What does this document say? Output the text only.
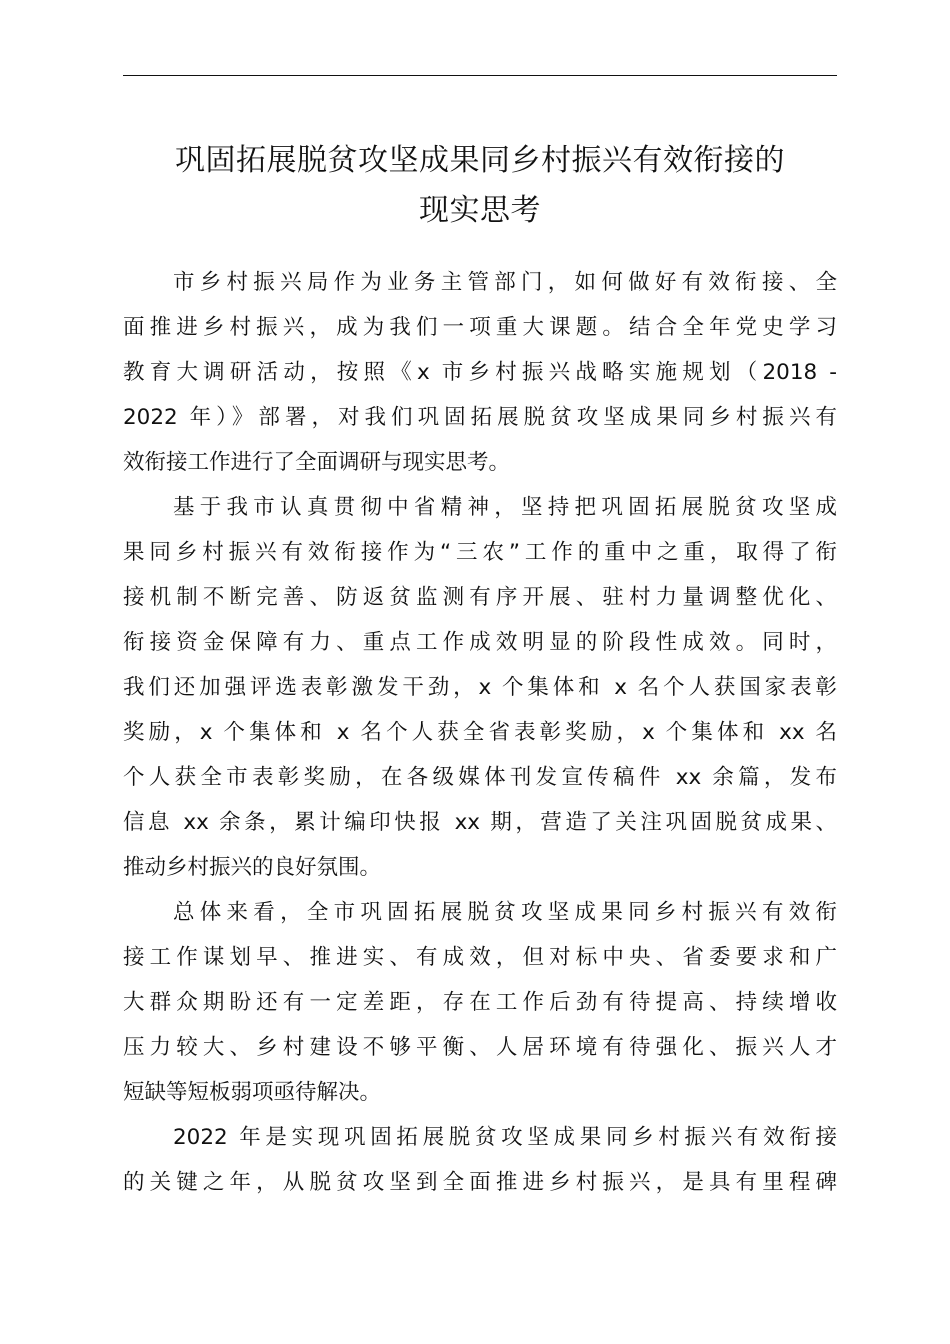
巩固拓展脱贫攻坚成果同乡村振兴有效衔接的
现实思考
市乡村振兴局作为业务主管部门，如何做好有效衔接、全
面推进乡村振兴，成为我们一项重大课题。结合全年党史学习
教育大调研活动，按照《x 市乡村振兴战略实施规划（2018 -
2022 年）》部署，对我们巩固拓展脱贫攻坚成果同乡村振兴有
效衔接工作进行了全面调研与现实思考。
基于我市认真贯彻中省精神，坚持把巩固拓展脱贫攻坚成
果同乡村振兴有效衔接作为“三农”工作的重中之重，取得了衔
接机制不断完善、防返贫监测有序开展、驻村力量调整优化、
衔接资金保障有力、重点工作成效明显的阶段性成效。同时，
我们还加强评选表彰激发干劲，x 个集体和 x 名个人获国家表彰
奖励，x 个集体和 x 名个人获全省表彰奖励，x 个集体和 xx 名
个人获全市表彰奖励，在各级媒体刊发宣传稿件 xx 余篇，发布
信息 xx 余条，累计编印快报 xx 期，营造了关注巩固脱贫成果、
推动乡村振兴的良好氛围。
总体来看，全市巩固拓展脱贫攻坚成果同乡村振兴有效衔
接工作谋划早、推进实、有成效，但对标中央、省委要求和广
大群众期盼还有一定差距，存在工作后劲有待提高、持续增收
压力较大、乡村建设不够平衡、人居环境有待强化、振兴人才
短缺等短板弱项亟待解决。
2022 年是实现巩固拓展脱贫攻坚成果同乡村振兴有效衔接
的关键之年，从脱贫攻坚到全面推进乡村振兴，是具有里程碑
